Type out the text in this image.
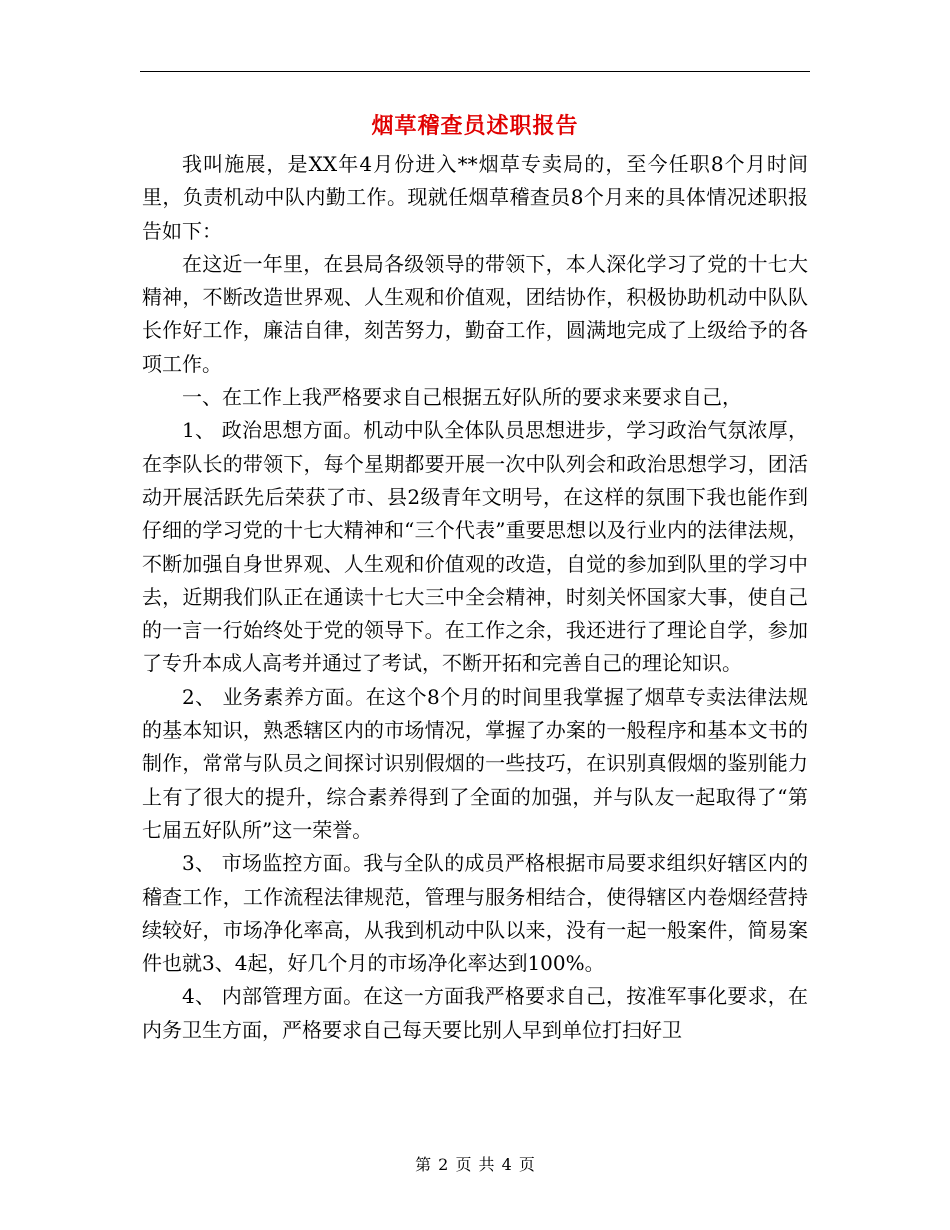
烟草稽查员述职报告

我叫施展，是XX年4月份进入**烟草专卖局的，至今任职8个月时间里，负责机动中队内勤工作。现就任烟草稽查员8个月来的具体情况述职报告如下：

在这近一年里，在县局各级领导的带领下，本人深化学习了党的十七大精神，不断改造世界观、人生观和价值观，团结协作，积极协助机动中队队长作好工作，廉洁自律，刻苦努力，勤奋工作，圆满地完成了上级给予的各项工作。

一、在工作上我严格要求自己根据五好队所的要求来要求自己，

1、 政治思想方面。机动中队全体队员思想进步，学习政治气氛浓厚，在李队长的带领下，每个星期都要开展一次中队列会和政治思想学习，团活动开展活跃先后荣获了市、县2级青年文明号，在这样的氛围下我也能作到仔细的学习党的十七大精神和“三个代表”重要思想以及行业内的法律法规，不断加强自身世界观、人生观和价值观的改造，自觉的参加到队里的学习中去，近期我们队正在通读十七大三中全会精神，时刻关怀国家大事，使自己的一言一行始终处于党的领导下。在工作之余，我还进行了理论自学，参加了专升本成人高考并通过了考试，不断开拓和完善自己的理论知识。

2、 业务素养方面。在这个8个月的时间里我掌握了烟草专卖法律法规的基本知识，熟悉辖区内的市场情况，掌握了办案的一般程序和基本文书的制作，常常与队员之间探讨识别假烟的一些技巧，在识别真假烟的鉴别能力上有了很大的提升，综合素养得到了全面的加强，并与队友一起取得了“第七届五好队所”这一荣誉。

3、 市场监控方面。我与全队的成员严格根据市局要求组织好辖区内的稽查工作，工作流程法律规范，管理与服务相结合，使得辖区内卷烟经营持续较好，市场净化率高，从我到机动中队以来，没有一起一般案件，简易案件也就3、4起，好几个月的市场净化率达到100%。

4、 内部管理方面。在这一方面我严格要求自己，按准军事化要求，在内务卫生方面，严格要求自己每天要比别人早到单位打扫好卫

第 2 页 共 4 页
